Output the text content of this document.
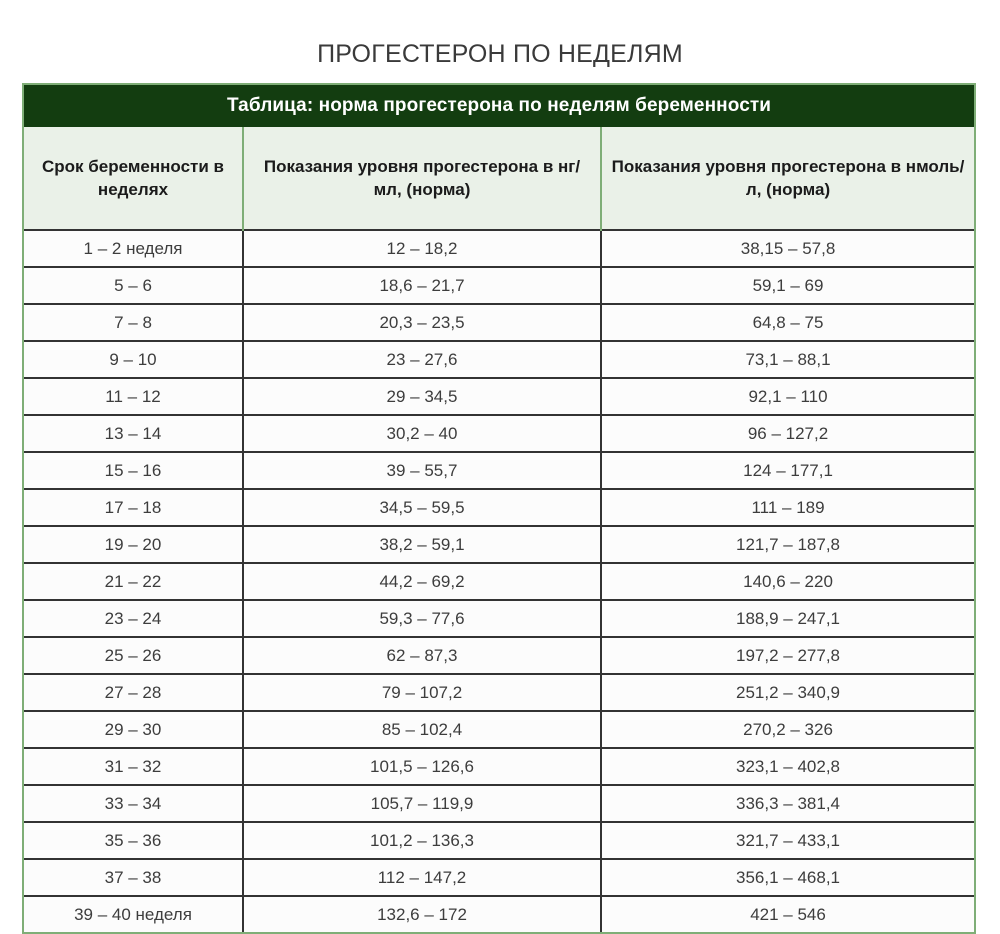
ПРОГЕСТЕРОН ПО НЕДЕЛЯМ
Таблица: норма прогестерона по неделям беременности		
Срок беременности в неделях	Показания уровня прогестерона в нг/мл, (норма)	Показания уровня прогестерона в нмоль/л, (норма)
1 – 2 неделя	12 – 18,2	38,15 – 57,8
5 – 6	18,6 – 21,7	59,1 – 69
7 – 8	20,3 – 23,5	64,8 – 75
9 – 10	23 – 27,6	73,1 – 88,1
11 – 12	29 – 34,5	92,1 – 110
13 – 14	30,2 – 40	96 – 127,2
15 – 16	39 – 55,7	124 – 177,1
17 – 18	34,5 – 59,5	111 – 189
19 – 20	38,2 – 59,1	121,7 – 187,8
21 – 22	44,2 – 69,2	140,6 – 220
23 – 24	59,3 – 77,6	188,9 – 247,1
25 – 26	62 – 87,3	197,2 – 277,8
27 – 28	79 – 107,2	251,2 – 340,9
29 – 30	85 – 102,4	270,2 – 326
31 – 32	101,5 – 126,6	323,1 – 402,8
33 – 34	105,7 – 119,9	336,3 – 381,4
35 – 36	101,2 – 136,3	321,7 – 433,1
37 – 38	112 – 147,2	356,1 – 468,1
39 – 40 неделя	132,6 – 172	421 – 546
